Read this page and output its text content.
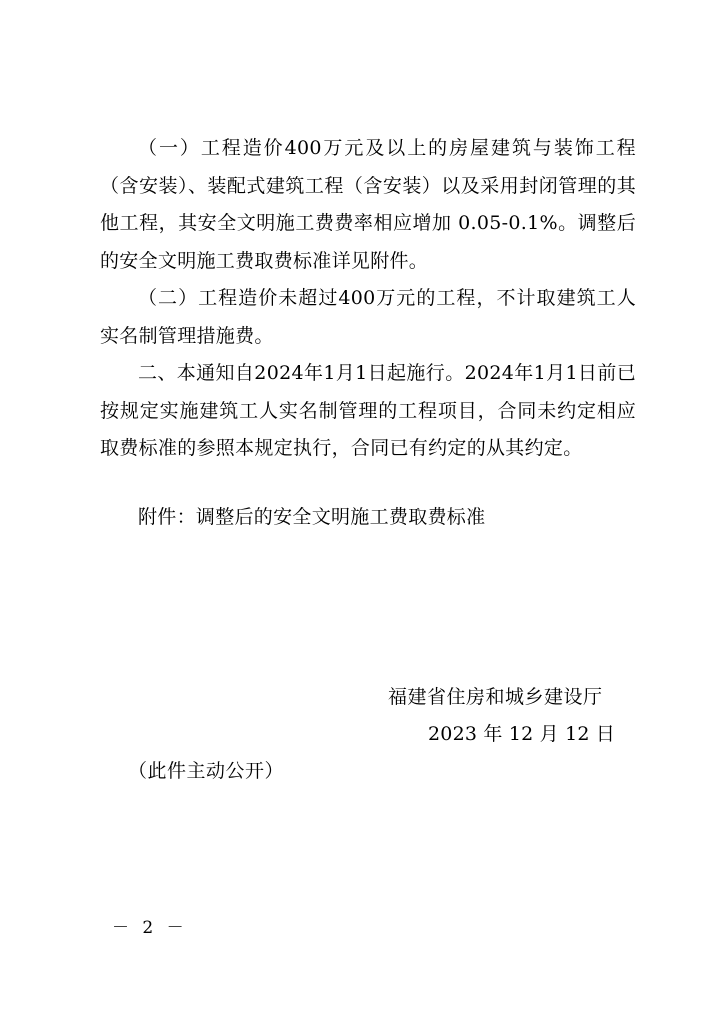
（一）工程造价400万元及以上的房屋建筑与装饰工程（含安装）、装配式建筑工程（含安装）以及采用封闭管理的其他工程，其安全文明施工费费率相应增加 0.05-0.1%。调整后的安全文明施工费取费标准详见附件。

（二）工程造价未超过400万元的工程，不计取建筑工人实名制管理措施费。

二、本通知自2024年1月1日起施行。2024年1月1日前已按规定实施建筑工人实名制管理的工程项目，合同未约定相应取费标准的参照本规定执行，合同已有约定的从其约定。

附件：调整后的安全文明施工费取费标准

福建省住房和城乡建设厅

2023 年 12 月 12 日

（此件主动公开）

－ 2 －
